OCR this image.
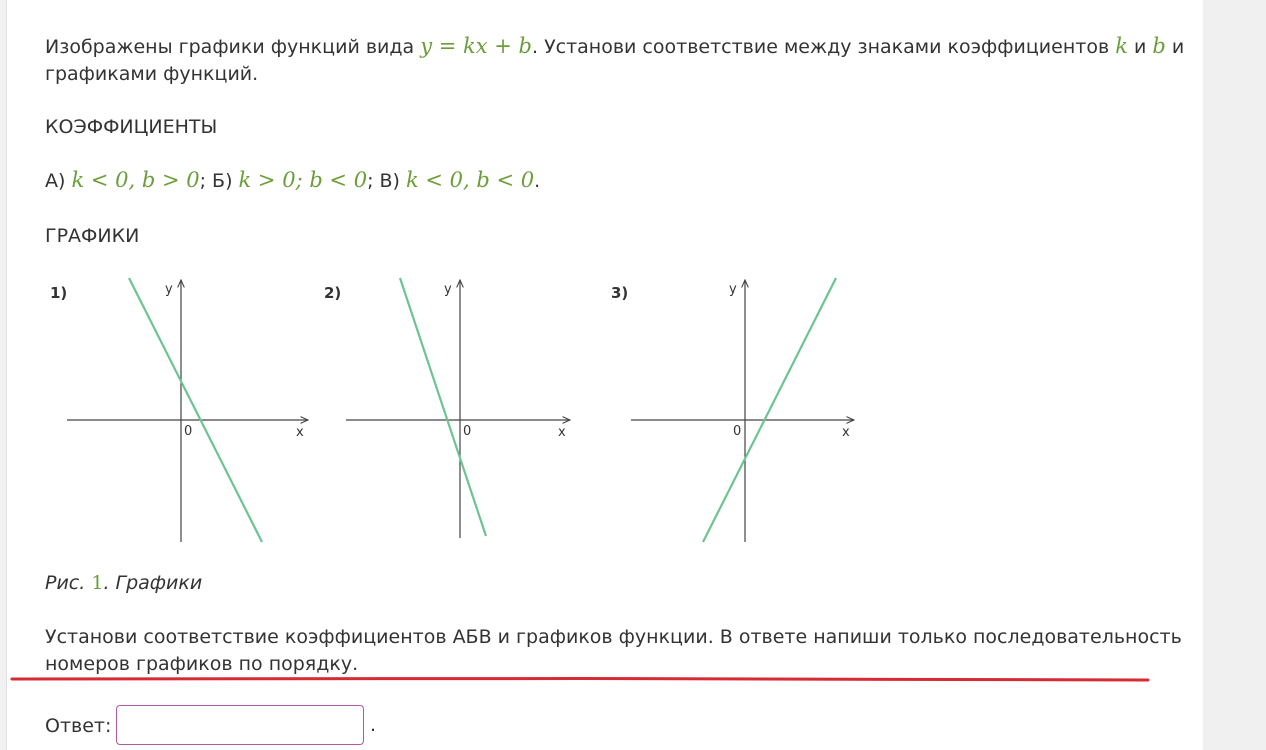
Изображены графики функций вида y = kx + b. Установи соответствие между знаками коэффициентов k и b и
графиками функций.

КОЭФФИЦИЕНТЫ

А) k < 0, b > 0; Б) k > 0; b < 0; В) k < 0, b < 0.

ГРАФИКИ

1)	y
x
0
2)	y
x
0
3)	y
x
0

Рис. 1. Графики

Установи соответствие коэффициентов АБВ и графиков функции. В ответе напиши только последовательность
номеров графиков по порядку.

Ответ:	.
